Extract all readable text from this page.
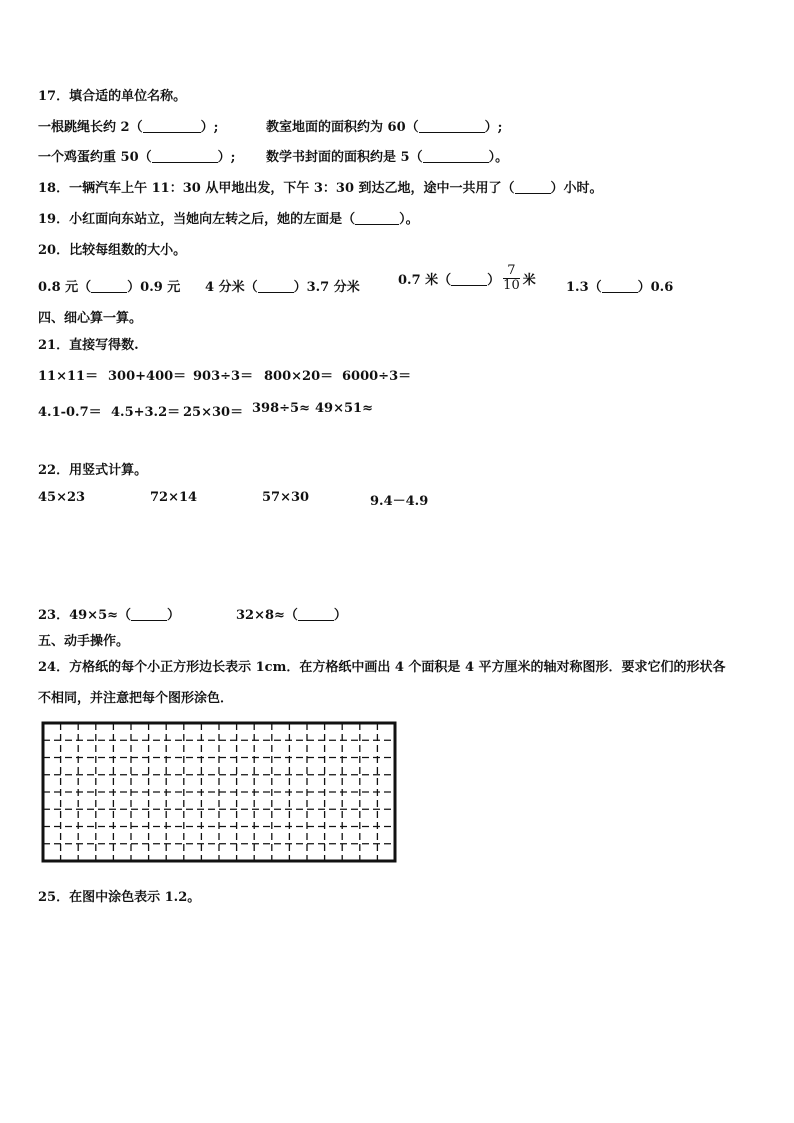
17．填合适的单位名称。
一根跳绳长约 2（	）;	教室地面的面积约为 60（	）;
一个鸡蛋约重 50（	）; 数学书封面的面积约是 5（	）。
18．一辆汽车上午 11：30 从甲地出发，下午 3：30 到达乙地，途中一共用了（	）小时。
19．小红面向东站立，当她向左转之后，她的左面是（	）。
20．比较每组数的大小。
0.8 元（	）0.9 元 4 分米（	）3.7 分米	0.7 米（	） $\frac{7}{10}$ 米 1.3（	）0.6
四、细心算一算。
21．直接写得数.
11×11＝ 300+400＝ 903÷3＝ 800×20＝ 6000÷3＝
4.1-0.7＝ 4.5+3.2＝ 25×30＝ 398÷5≈ 49×51≈
22．用竖式计算。
45×23	72×14	57×30	9.4－4.9
23．49×5≈（	）	32×8≈（	）
五、动手操作。
24．方格纸的每个小正方形边长表示 1cm．在方格纸中画出 4 个面积是 4 平方厘米的轴对称图形．要求它们的形状各
不相同，并注意把每个图形涂色．
25．在图中涂色表示 1.2。
